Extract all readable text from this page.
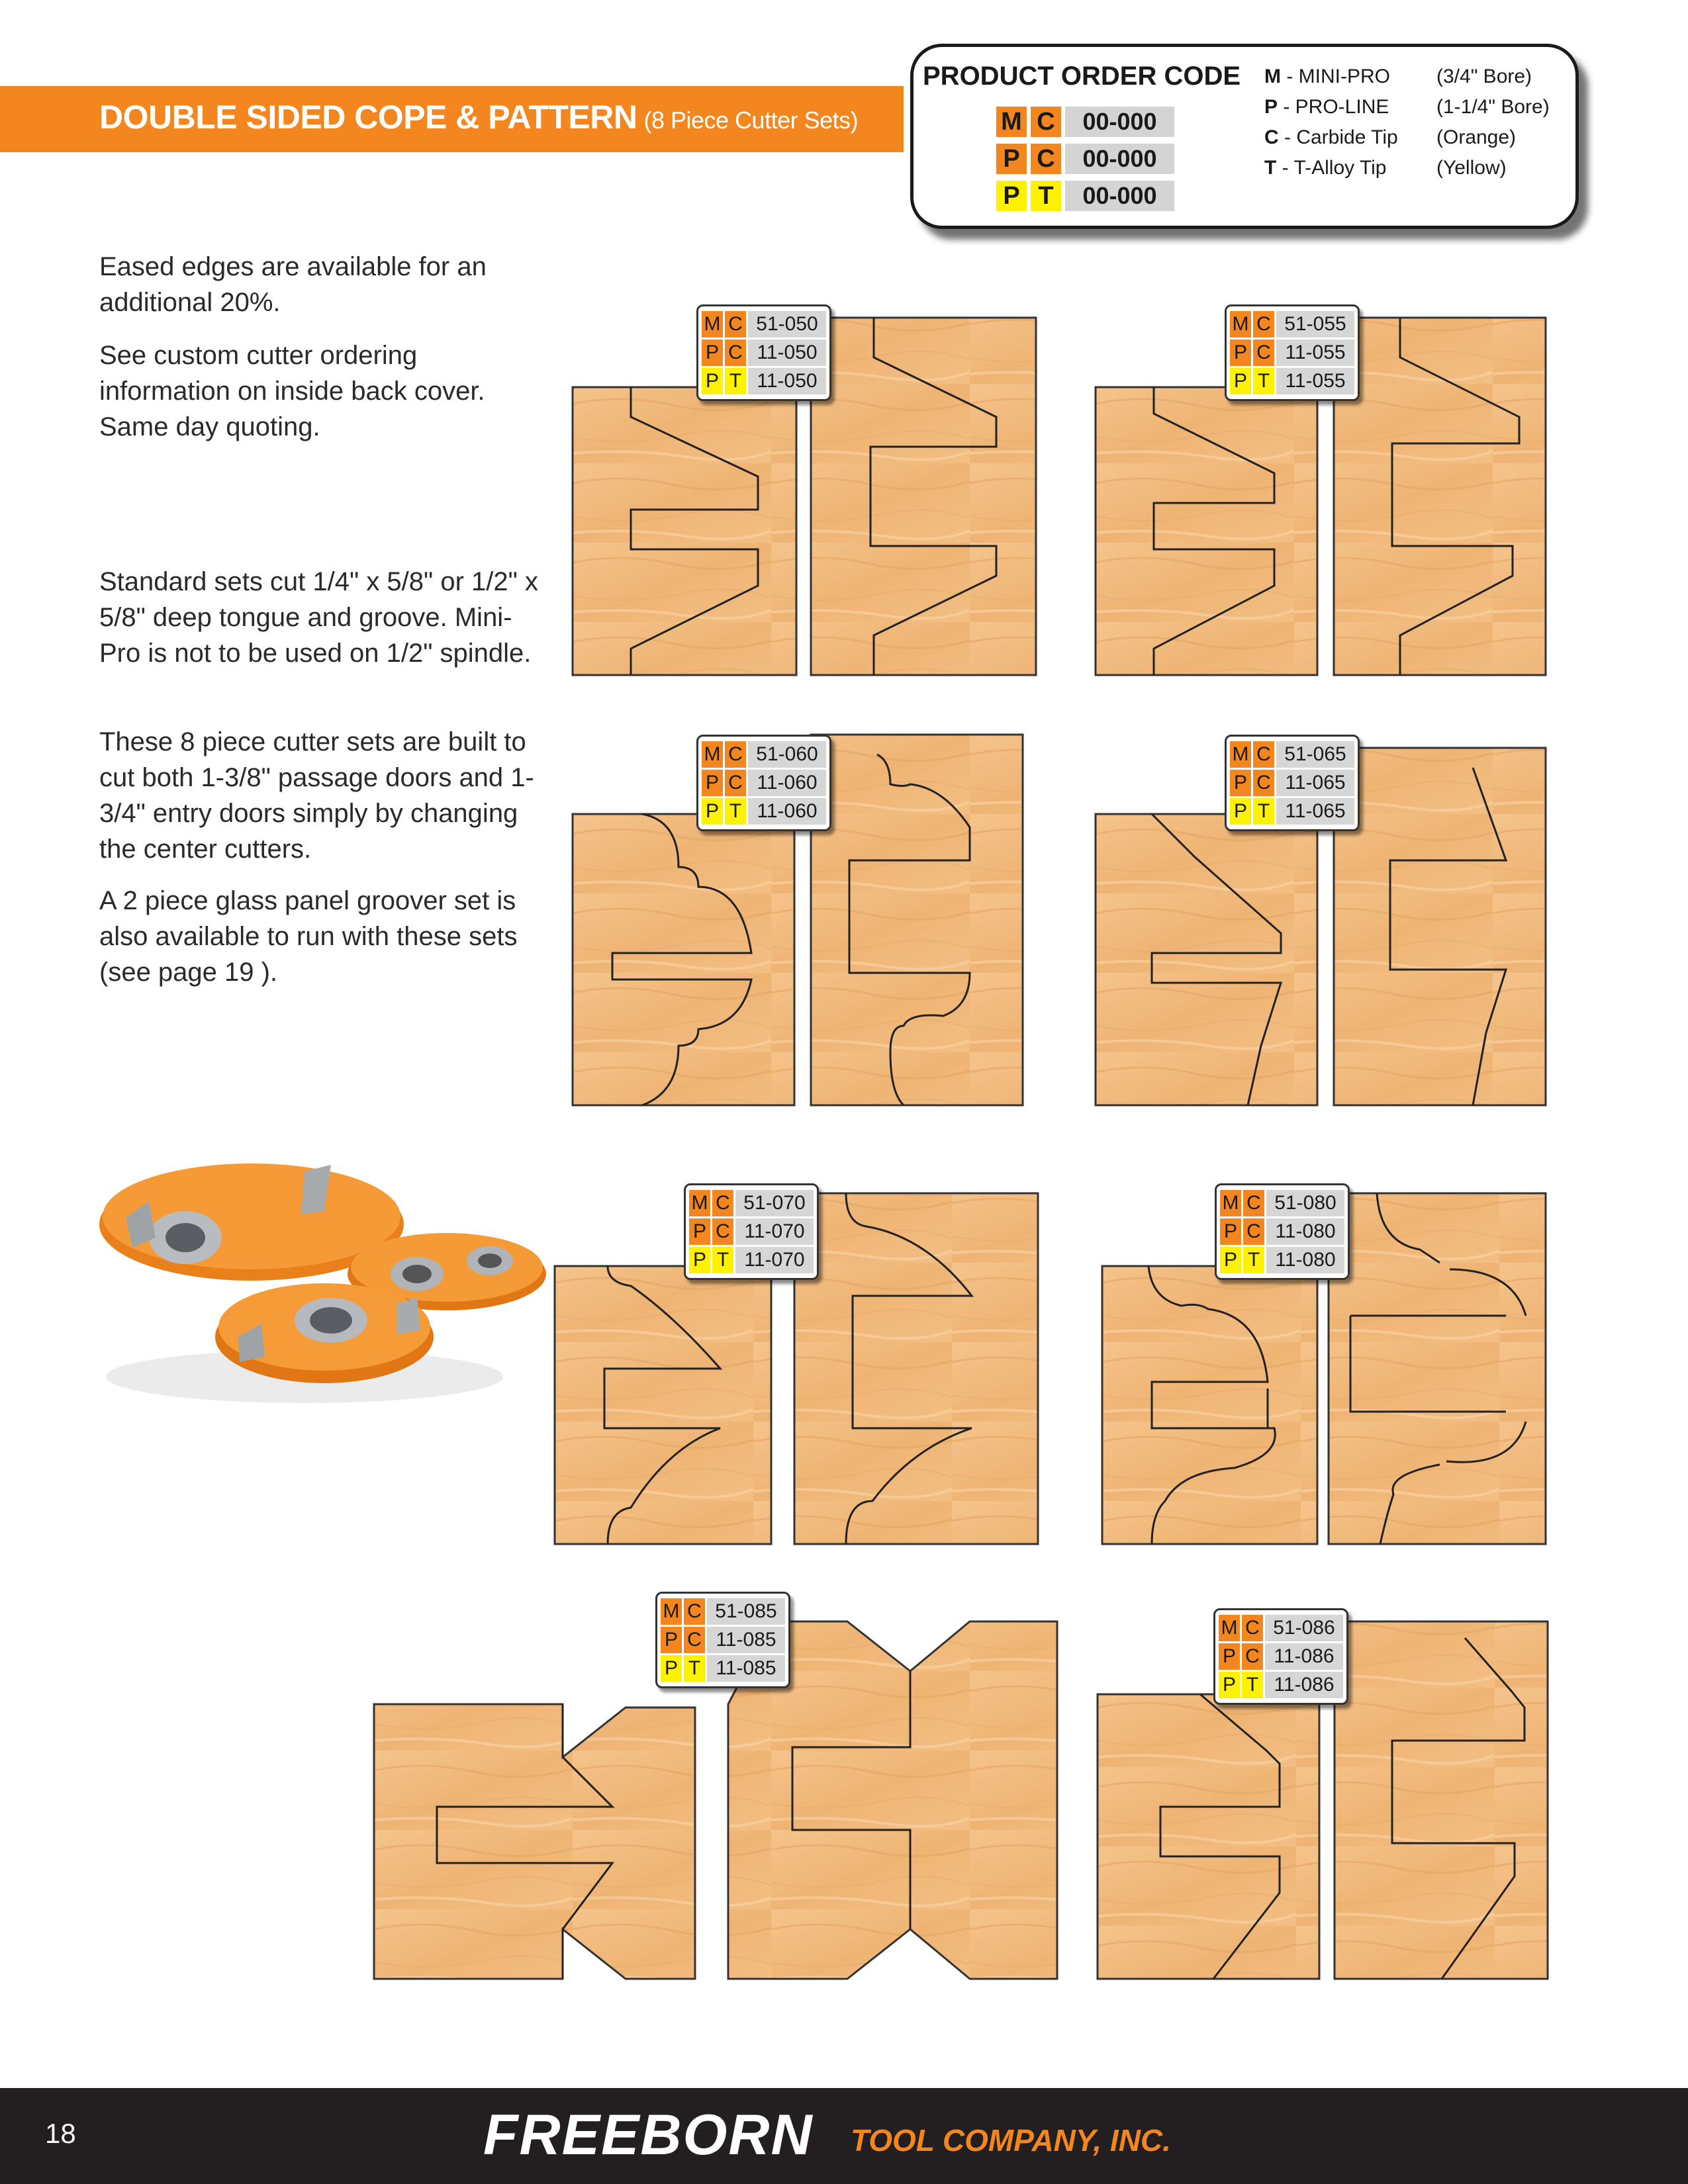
DOUBLE SIDED COPE & PATTERN (8 Piece Cutter Sets)
PRODUCT ORDER CODE
M C	00-000
P C	00-000
P T	00-000
M - MINI-PRO (3/4" Bore)
P - PRO-LINE (1-1/4" Bore)
C - Carbide Tip (Orange)
T - T-Alloy Tip	(Yellow)
Eased edges are available for an additional 20%.
See custom cutter ordering information on inside back cover. Same day quoting.
Standard sets cut 1/4" x 5/8" or 1/2" x 5/8" deep tongue and groove. Mini-Pro is not to be used on 1/2" spindle.
These 8 piece cutter sets are built to cut both 1-3/8" passage doors and 1-3/4" entry doors simply by changing the center cutters.
A 2 piece glass panel groover set is also available to run with these sets (see page 19 ).
M C 51-050
P C 11-050
P T 11-050
M C 51-055
P C 11-055
P T 11-055
M C 51-060
P C 11-060
P T 11-060
M C 51-065
P C 11-065
P T 11-065
M C 51-070
P C 11-070
P T 11-070
M C 51-080
P C 11-080
P T 11-080
M C 51-085
P C 11-085
P T 11-085
M C 51-086
P C 11-086
P T 11-086
18	FREEBORN TOOL COMPANY, INC.
